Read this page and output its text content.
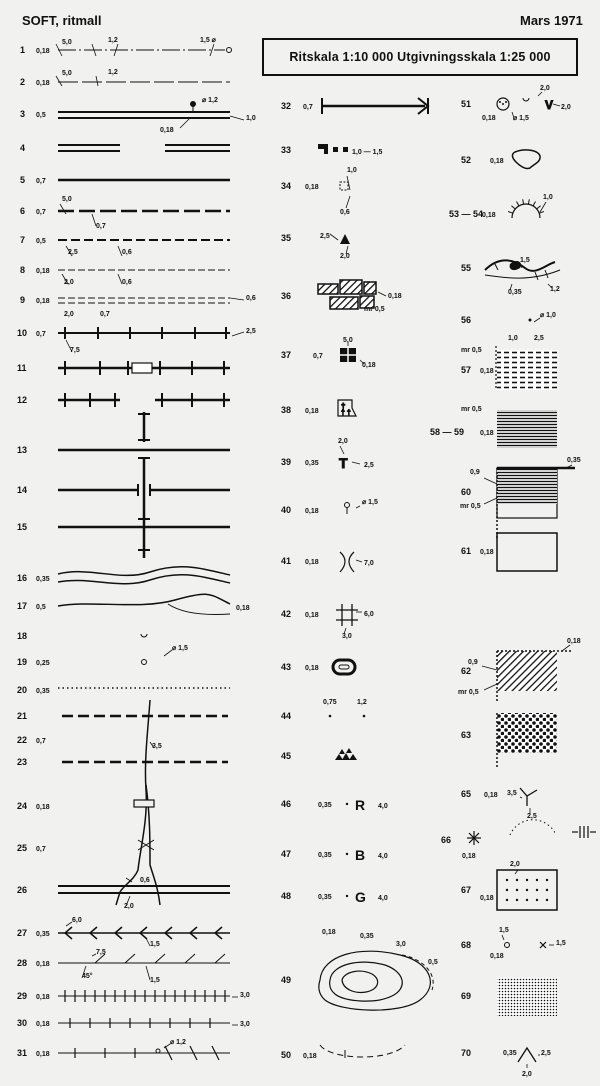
SOFT, ritmall	Mars 1971
Ritskala 1:10 000 Utgivningsskala 1:25 000
†
† †
T
V
1 0,18
5,0	1,2	1,5 ⌀
2 0,18
5,0	1,2
3 0,5
⌀ 1,2
1,0
0,18
4
5 0,7
6 0,7
5,0
0,7
7 0,5
2,5	0,6
8 0,18
2,0	0,6
9 0,18
2,0	0,7
0,6
10 0,7
7,5
2,5
11
12
13
14
15
16 0,35
17 0,5	0,18
18
19 0,25
⌀ 1,5
20 0,35
21
22 0,7
3,5
23
24 0,18
25 0,7
0,6
2,0
26
27 0,35
6,0
1,5
28 0,18
7,5
45°
1,5
29 0,18	3,0
30 0,18	3,0
31 0,18
⌀ 1,2
32 0,7
33	1,0 — 1,5
34 0,18
1,0
0,6
35	2,5
2,0
36	0,18
mr 0,5
37	0,7
5,0
0,18
38 0,18
39 0,35
2,0
2,5
40 0,18
⌀ 1,5
41 0,18	7,0
42 0,18	6,0
3,0
43 0,18
44
0,75	1,2
45
46	0,35	4,0
R
47	0,35	4,0
B
48	0,35	4,0
G
49
0,18
0,35
3,0
0,5
50 0,18
51
0,18
2,0
⌀ 1,5
2,0
52	0,18
53 — 54
0,18
1,0
55
1,5
0,35	1,2
56	⌀ 1,0
57 0,18
1,0 2,5
mr 0,5
58 — 59 0,18
mr 0,5
60
0,35
0,9
mr 0,5
61 0,18
62
0,18
0,9
mr 0,5
63
65 0,18 3,5
2,5
66
0,18
67
0,18
2,0
68
0,18
1,5
1,5
69
70	0,35	2,5
2,0
